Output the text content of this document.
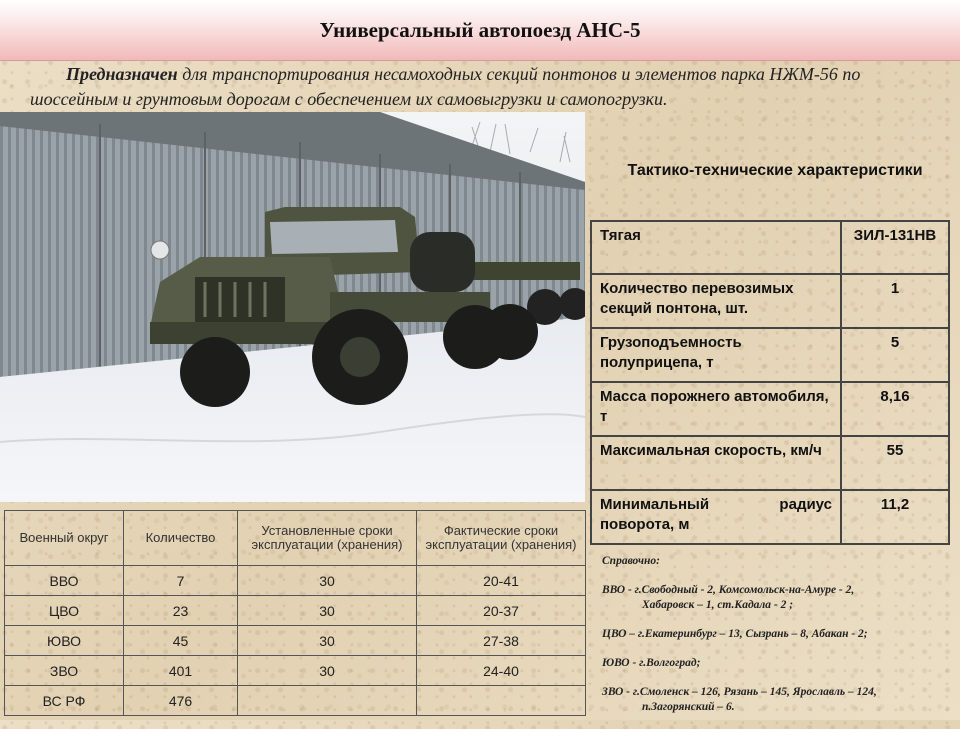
Универсальный автопоезд АНС-5
Предназначен для транспортирования несамоходных секций понтонов и элементов парка НЖМ-56 по шоссейным и грунтовым дорогам с обеспечением их самовыгрузки и самопогрузки.
Тактико-технические характеристики
Тягая	ЗИЛ-131НВ
Количество перевозимых секций понтона, шт.	1
Грузоподъемность полуприцепа, т	5
Масса порожнего автомобиля, т	8,16
Максимальная скорость, км/ч	55

Минимальный радиус
поворота, м	11,2
Военный округ	Количество	Установленные сроки эксплуатации (хранения)	Фактические сроки эксплуатации (хранения)
ВВО	7	30	20-41
ЦВО	23	30	20-37
ЮВО	45	30	27-38
ЗВО	401	30	24-40
ВС РФ	476		

Справочно:

ВВО - г.Свободный - 2, Комсомольск-на-Амуре - 2,
Хабаровск – 1, ст.Кадала - 2 ;

ЦВО – г.Екатеринбург – 13, Сызрань – 8, Абакан - 2;

ЮВО - г.Волгоград;

ЗВО - г.Смоленск – 126, Рязань – 145, Ярославль – 124,
п.Загорянский – 6.
